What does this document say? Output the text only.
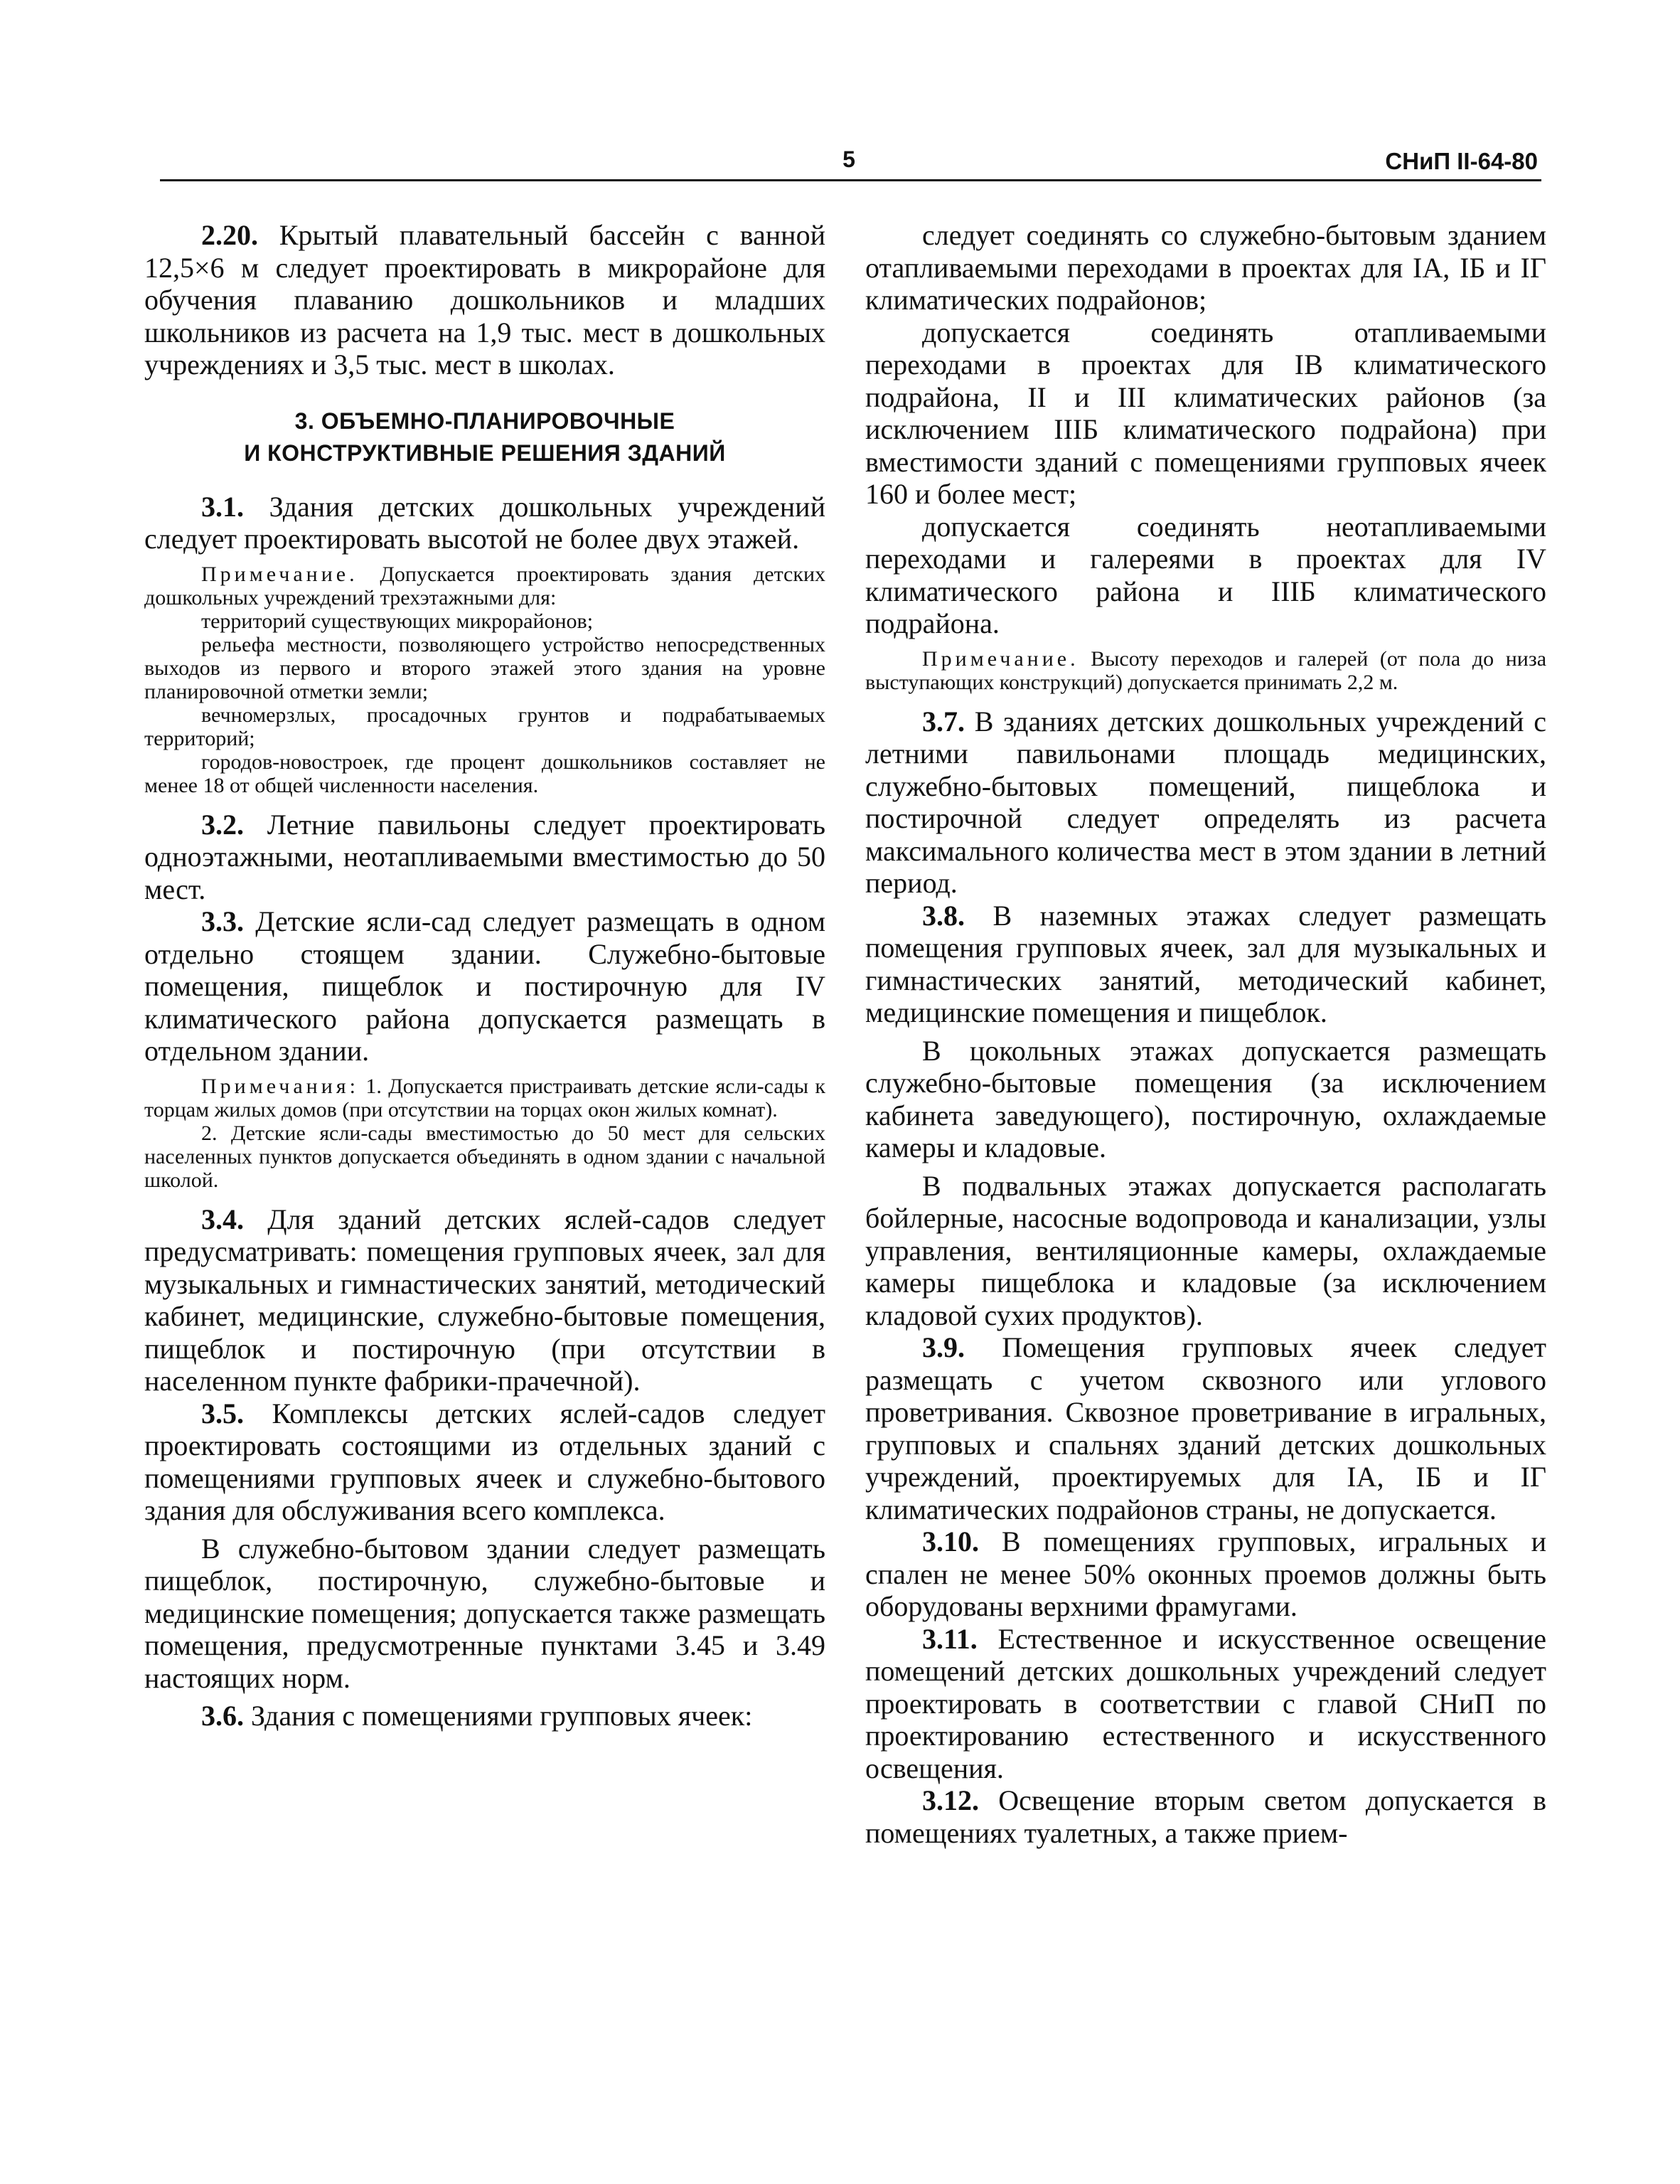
5	СНиП II-64-80

2.20. Крытый плавательный бассейн с ванной 12,5×6 м следует проектировать в микрорайоне для обучения плаванию дошкольников и младших школьников из расчета на 1,9 тыс. мест в дошкольных учреждениях и 3,5 тыс. мест в школах.

3. ОБЪЕМНО-ПЛАНИРОВОЧНЫЕ
И КОНСТРУКТИВНЫЕ РЕШЕНИЯ ЗДАНИЙ

3.1. Здания детских дошкольных учреждений следует проектировать высотой не более двух этажей.

Примечание. Допускается проектировать здания детских дошкольных учреждений трехэтажными для:

территорий существующих микрорайонов;

рельефа местности, позволяющего устройство непосредственных выходов из первого и второго этажей этого здания на уровне планировочной отметки земли;

вечномерзлых, просадочных грунтов и подрабатываемых территорий;

городов-новостроек, где процент дошкольников составляет не менее 18 от общей численности населения.

3.2. Летние павильоны следует проектировать одноэтажными, неотапливаемыми вместимостью до 50 мест.

3.3. Детские ясли-сад следует размещать в одном отдельно стоящем здании. Служебно-бытовые помещения, пищеблок и постирочную для IV климатического района допускается размещать в отдельном здании.

Примечания: 1. Допускается пристраивать детские ясли-сады к торцам жилых домов (при отсутствии на торцах окон жилых комнат).

2. Детские ясли-сады вместимостью до 50 мест для сельских населенных пунктов допускается объединять в одном здании с начальной школой.

3.4. Для зданий детских яслей-садов следует предусматривать: помещения групповых ячеек, зал для музыкальных и гимнастических занятий, методический кабинет, медицинские, служебно-бытовые помещения, пищеблок и постирочную (при отсутствии в населенном пункте фабрики-прачечной).

3.5. Комплексы детских яслей-садов следует проектировать состоящими из отдельных зданий с помещениями групповых ячеек и служебно-бытового здания для обслуживания всего комплекса.

В служебно-бытовом здании следует размещать пищеблок, постирочную, служебно-бытовые и медицинские помещения; допускается также размещать помещения, предусмотренные пунктами 3.45 и 3.49 настоящих норм.

3.6. Здания с помещениями групповых ячеек:

следует соединять со служебно-бытовым зданием отапливаемыми переходами в проектах для IА, IБ и IГ климатических подрайонов;

допускается соединять отапливаемыми переходами в проектах для IВ климатического подрайона, II и III климатических районов (за исключением IIIБ климатического подрайона) при вместимости зданий с помещениями групповых ячеек 160 и более мест;

допускается соединять неотапливаемыми переходами и галереями в проектах для IV климатического района и IIIБ климатического подрайона.

Примечание. Высоту переходов и галерей (от пола до низа выступающих конструкций) допускается принимать 2,2 м.

3.7. В зданиях детских дошкольных учреждений с летними павильонами площадь медицинских, служебно-бытовых помещений, пищеблока и постирочной следует определять из расчета максимального количества мест в этом здании в летний период.

3.8. В наземных этажах следует размещать помещения групповых ячеек, зал для музыкальных и гимнастических занятий, методический кабинет, медицинские помещения и пищеблок.

В цокольных этажах допускается размещать служебно-бытовые помещения (за исключением кабинета заведующего), постирочную, охлаждаемые камеры и кладовые.

В подвальных этажах допускается располагать бойлерные, насосные водопровода и канализации, узлы управления, вентиляционные камеры, охлаждаемые камеры пищеблока и кладовые (за исключением кладовой сухих продуктов).

3.9. Помещения групповых ячеек следует размещать с учетом сквозного или углового проветривания. Сквозное проветривание в игральных, групповых и спальнях зданий детских дошкольных учреждений, проектируемых для IА, IБ и IГ климатических подрайонов страны, не допускается.

3.10. В помещениях групповых, игральных и спален не менее 50% оконных проемов должны быть оборудованы верхними фрамугами.

3.11. Естественное и искусственное освещение помещений детских дошкольных учреждений следует проектировать в соответствии с главой СНиП по проектированию естественного и искусственного освещения.

3.12. Освещение вторым светом допускается в помещениях туалетных, а также прием-
